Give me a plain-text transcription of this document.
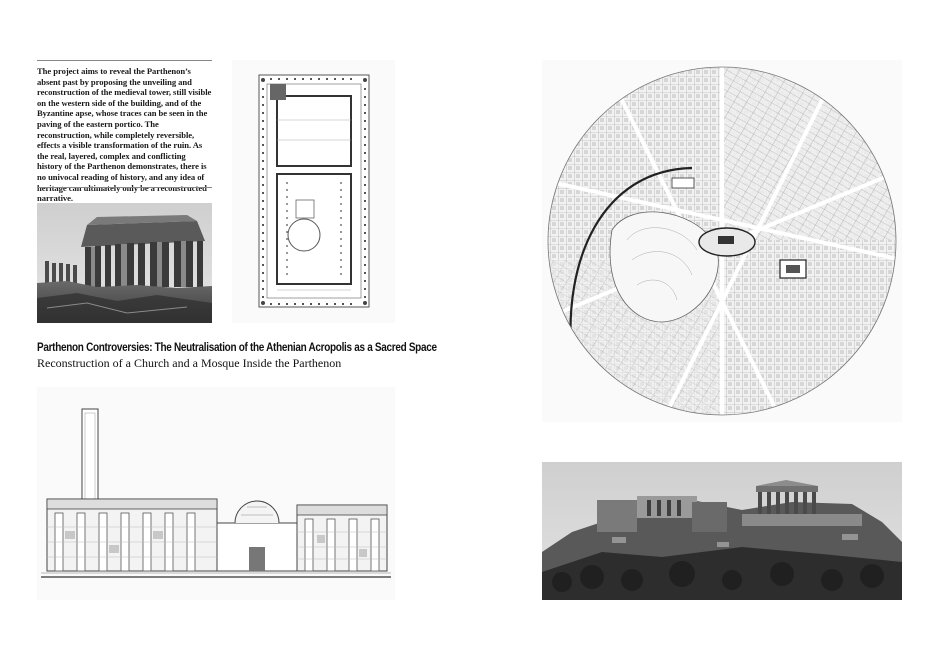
The project aims to reveal the Parthenon’s absent past by proposing the unveiling and reconstruction of the medieval tower, still visible on the western side of the building, and of the Byzantine apse, whose traces can be seen in the paving of the eastern portico. The reconstruction, while completely reversible, effects a visible transformation of the ruin. As the real, layered, complex and conflicting history of the Parthenon demonstrates, there is no univocal reading of history, and any idea of narrative.

Parthenon Controversies: The Neutralisation of the Athenian Acropolis as a Sacred Space

Reconstruction of a Church and a Mosque Inside the Parthenon
